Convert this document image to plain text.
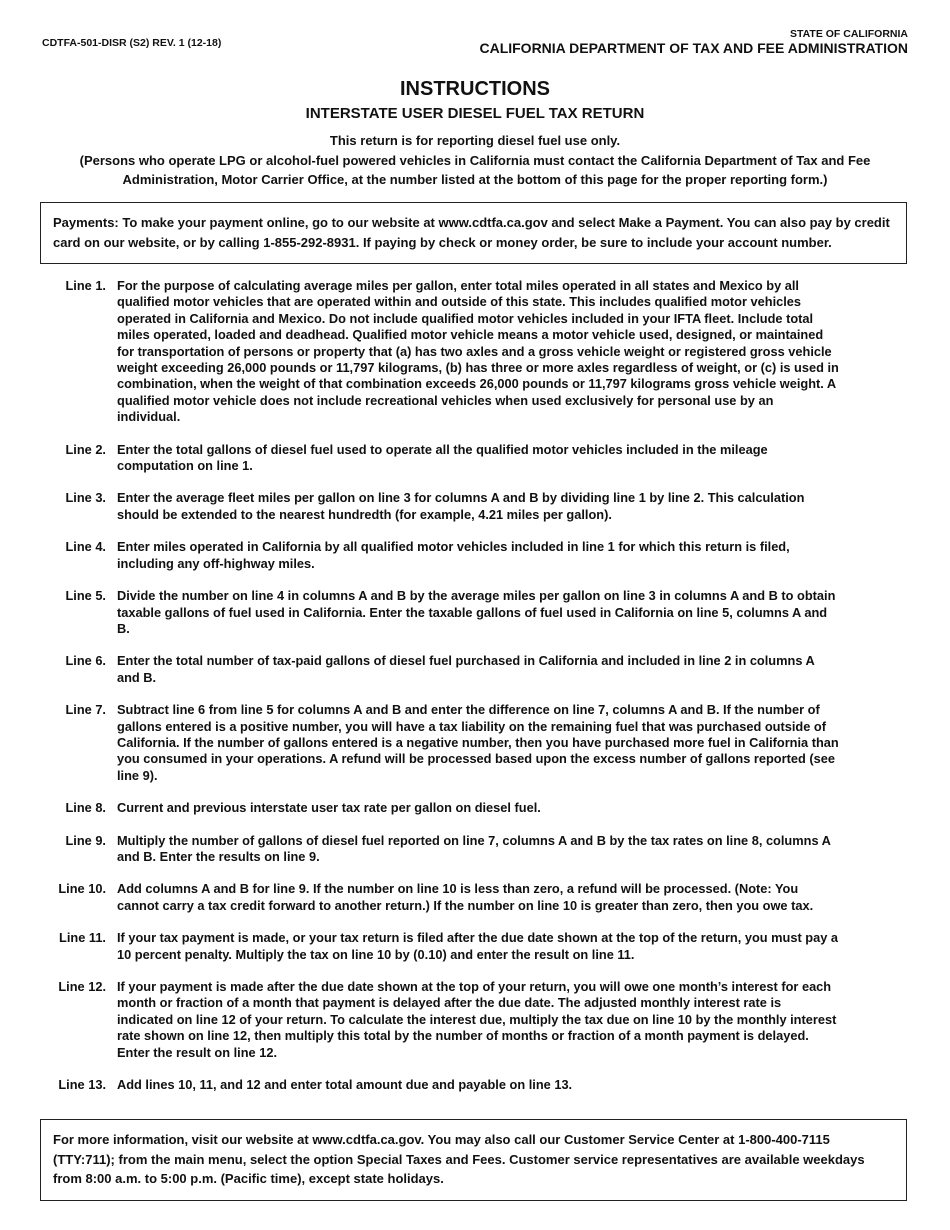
CDTFA-501-DISR (S2) REV. 1 (12-18)
STATE OF CALIFORNIA
CALIFORNIA DEPARTMENT OF TAX AND FEE ADMINISTRATION
INSTRUCTIONS
INTERSTATE USER DIESEL FUEL TAX RETURN

This return is for reporting diesel fuel use only.

(Persons who operate LPG or alcohol-fuel powered vehicles in California must contact the California Department of Tax and Fee Administration, Motor Carrier Office, at the number listed at the bottom of this page for the proper reporting form.)

Payments: To make your payment online, go to our website at www.cdtfa.ca.gov and select Make a Payment. You can also pay by credit card on our website, or by calling 1-855-292-8931. If paying by check or money order, be sure to include your account number.
Line 1. For the purpose of calculating average miles per gallon, enter total miles operated in all states and Mexico by all qualified motor vehicles that are operated within and outside of this state. This includes qualified motor vehicles operated in California and Mexico. Do not include qualified motor vehicles included in your IFTA fleet. Include total miles operated, loaded and deadhead. Qualified motor vehicle means a motor vehicle used, designed, or maintained for transportation of persons or property that (a) has two axles and a gross vehicle weight or registered gross vehicle weight exceeding 26,000 pounds or 11,797 kilograms, (b) has three or more axles regardless of weight, or (c) is used in combination, when the weight of that combination exceeds 26,000 pounds or 11,797 kilograms gross vehicle weight. A qualified motor vehicle does not include recreational vehicles when used exclusively for personal use by an individual.
Line 2. Enter the total gallons of diesel fuel used to operate all the qualified motor vehicles included in the mileage computation on line 1.
Line 3. Enter the average fleet miles per gallon on line 3 for columns A and B by dividing line 1 by line 2. This calculation should be extended to the nearest hundredth (for example, 4.21 miles per gallon).
Line 4. Enter miles operated in California by all qualified motor vehicles included in line 1 for which this return is filed, including any off-highway miles.
Line 5. Divide the number on line 4 in columns A and B by the average miles per gallon on line 3 in columns A and B to obtain taxable gallons of fuel used in California. Enter the taxable gallons of fuel used in California on line 5, columns A and B.
Line 6. Enter the total number of tax-paid gallons of diesel fuel purchased in California and included in line 2 in columns A and B.
Line 7. Subtract line 6 from line 5 for columns A and B and enter the difference on line 7, columns A and B. If the number of gallons entered is a positive number, you will have a tax liability on the remaining fuel that was purchased outside of California. If the number of gallons entered is a negative number, then you have purchased more fuel in California than you consumed in your operations. A refund will be processed based upon the excess number of gallons reported (see line 9).
Line 8. Current and previous interstate user tax rate per gallon on diesel fuel.
Line 9. Multiply the number of gallons of diesel fuel reported on line 7, columns A and B by the tax rates on line 8, columns A and B. Enter the results on line 9.
Line 10. Add columns A and B for line 9. If the number on line 10 is less than zero, a refund will be processed. (Note: You cannot carry a tax credit forward to another return.) If the number on line 10 is greater than zero, then you owe tax.
Line 11. If your tax payment is made, or your tax return is filed after the due date shown at the top of the return, you must pay a 10 percent penalty. Multiply the tax on line 10 by (0.10) and enter the result on line 11.
Line 12. If your payment is made after the due date shown at the top of your return, you will owe one month’s interest for each month or fraction of a month that payment is delayed after the due date. The adjusted monthly interest rate is indicated on line 12 of your return. To calculate the interest due, multiply the tax due on line 10 by the monthly interest rate shown on line 12, then multiply this total by the number of months or fraction of a month payment is delayed. Enter the result on line 12.
Line 13. Add lines 10, 11, and 12 and enter total amount due and payable on line 13.
For more information, visit our website at www.cdtfa.ca.gov. You may also call our Customer Service Center at 1-800-400-7115 (TTY:711); from the main menu, select the option Special Taxes and Fees. Customer service representatives are available weekdays from 8:00 a.m. to 5:00 p.m. (Pacific time), except state holidays.
